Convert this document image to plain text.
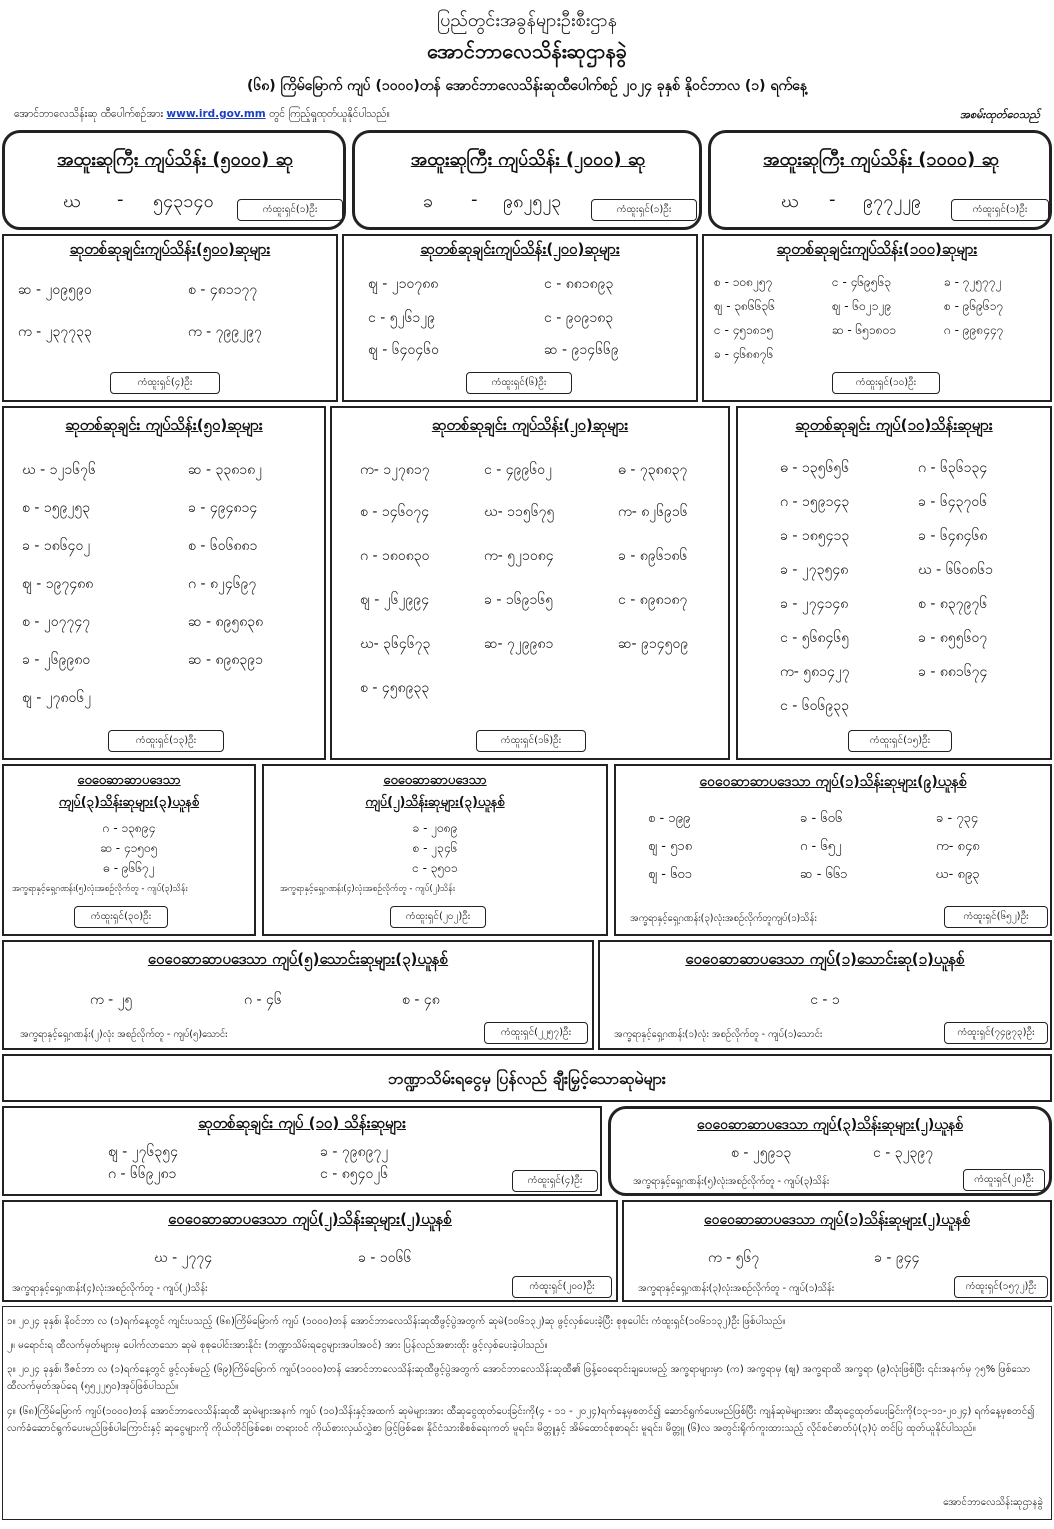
ပြည်တွင်းအခွန်များဦးစီးဌာန
အောင်ဘာလေသိန်းဆုဌာနခွဲ
(၆၈) ကြိမ်မြောက် ကျပ် (၁၀၀၀)တန် အောင်ဘာလေသိန်းဆုထီပေါက်စဉ် ၂၀၂၄ ခုနှစ် နိုဝင်ဘာလ (၁) ရက်နေ့
အောင်ဘာလေသိန်းဆု ထီပေါက်စဉ်အား www.ird.gov.mm တွင် ကြည့်ရှုထုတ်ယူနိုင်ပါသည်။	အစမ်းထုတ်ဝေသည်
အထူးဆုကြီး ကျပ်သိန်း (၅၀၀၀) ဆု
ဃ - ၅၄၃၁၄၀	ကံထူးရှင်(၁)ဦး
အထူးဆုကြီး ကျပ်သိန်း (၂၀၀၀) ဆု
ခ - ၉၈၂၅၂၃	ကံထူးရှင်(၁)ဦး
အထူးဆုကြီး ကျပ်သိန်း (၁၀၀၀) ဆု
ဃ - ၉၇၇၂၂၉	ကံထူးရှင်(၁)ဦး
ဆုတစ်ဆုချင်းကျပ်သိန်း(၅၀၀)ဆုများ
ဆ - ၂၀၉၅၉၀	စ - ၄၈၁၁၇၇
က - ၂၃၇၇၃၃	က - ၇၉၉၂၉၇
ကံထူးရှင်(၄)ဦး
ဆုတစ်ဆုချင်းကျပ်သိန်း(၂၀၀)ဆုများ
ဈ - ၂၁၀၇၈၈	င - ၈၈၁၈၉၃
င - ၅၂၆၁၂၉	င - ၉၀၉၁၈၃
ဈ - ၆၄၀၄၆၀	ဆ - ၉၁၄၆၆၉
ကံထူးရှင်(၆)ဦး
ဆုတစ်ဆုချင်းကျပ်သိန်း(၁၀၀)ဆုများ
စ - ၁၀၈၂၅၇	င - ၄၆၉၅၆၃	ခ - ၇၂၅၇၇၂
ဈ - ၃၈၆၆၃၆	ဈ - ၆၀၂၁၂၉	စ - ၉၆၉၆၁၇
င - ၄၅၁၈၁၅	ဆ - ၆၅၁၈၀၁	ဂ - ၉၉၈၄၄၇
ခ - ၄၆၈၈၇၆
ကံထူးရှင်(၁၀)ဦး
ဆုတစ်ဆုချင်း ကျပ်သိန်း(၅၀)ဆုများ
ဃ - ၁၂၁၆၇၆	ဆ - ၃၃၈၁၈၂
စ - ၁၅၉၂၅၃	ခ - ၄၉၄၈၁၄
ခ - ၁၈၆၄၀၂	စ - ၆၀၆၈၈၁
ဈ - ၁၉၇၄၈၈	ဂ - ၈၂၄၆၉၇
စ - ၂၀၇၇၄၇	ဆ - ၈၉၅၈၃၈
ခ - ၂၆၉၉၈၀	ဆ - ၈၉၈၃၉၁
ဈ - ၂၇၈၀၆၂
ကံထူးရှင်(၁၃)ဦး
ဆုတစ်ဆုချင်း ကျပ်သိန်း(၂၀)ဆုများ
က- ၁၂၇၈၁၇	င - ၄၉၉၆၀၂	ဓ - ၇၃၈၈၃၇
စ - ၁၄၆၀၇၄	ဃ- ၁၁၅၆၇၅	က- ၈၂၆၉၁၆
ဂ - ၁၈၀၈၃၀	က- ၅၂၁၀၈၄	ခ - ၈၉၆၁၈၆
ဈ - ၂၆၂၉၉၄	ခ - ၁၆၉၁၆၅	င - ၈၉၈၁၈၇
ဃ- ၃၆၄၆၇၃	ဆ- ၇၂၉၉၈၁	ဆ- ၉၁၄၅၀၉
စ - ၄၅၈၉၃၃
ကံထူးရှင်(၁၆)ဦး
ဆုတစ်ဆုချင်း ကျပ်(၁၀)သိန်းဆုများ
ဓ - ၁၃၅၆၅၆	ဂ - ၆၃၆၁၃၄
ဂ - ၁၅၉၁၄၃	ခ - ၆၄၃၇၀၆
ခ - ၁၈၅၄၁၃	ခ - ၆၄၈၄၆၈
ခ - ၂၇၃၅၄၈	ဃ - ၆၆၀၈၆၁
ခ - ၂၇၄၁၄၈	စ - ၈၃၇၉၇၆
င - ၅၆၈၄၆၅	ခ - ၈၅၅၆၀၇
က- ၅၈၁၄၂၇	ခ - ၈၈၁၆၇၄
င - ၆၀၆၉၃၃
ကံထူးရှင်(၁၅)ဦး
ဝေဝေဆာဆာပဒေသာ
ကျပ်(၃)သိန်းဆုများ(၃)ယူနစ်
ဂ - ၁၃၈၉၄
ဆ - ၄၁၅၀၅
ဓ - ၉၆၆၇၂
အက္ခရာနှင့်ရှေ့ဂဏန်း(၅)လုံးအစဉ်လိုက်တူ - ကျပ်(၃)သိန်း
ကံထူးရှင်(၃၀)ဦး
ဝေဝေဆာဆာပဒေသာ
ကျပ်(၂)သိန်းဆုများ(၃)ယူနစ်
ခ - ၂၀၈၉
စ - ၂၃၄၆
င - ၃၅၀၁
အက္ခရာနှင့်ရှေ့ဂဏန်း(၄)လုံးအစဉ်လိုက်တူ - ကျပ်(၂)သိန်း
ကံထူးရှင်(၂၀၂)ဦး
ဝေဝေဆာဆာပဒေသာ ကျပ်(၁)သိန်းဆုများ(၉)ယူနစ်
စ - ၁၉၉	ခ - ၆၀၆	ခ - ၇၃၄
ဈ - ၅၁၈	ဂ - ၆၅၂	က- ၈၄၈
ဈ - ၆၀၁	ဆ - ၆၆၁	ဃ- ၈၉၃
အက္ခရာနှင့်ရှေ့ဂဏန်း(၃)လုံးအစဉ်လိုက်တူကျပ်(၁)သိန်း	ကံထူးရှင်(၆၅၂)ဦး
ဝေဝေဆာဆာပဒေသာ ကျပ်(၅)သောင်းဆုများ(၃)ယူနစ်
က - ၂၅	ဂ - ၄၆	စ - ၄၈
အက္ခရာနှင့်ရှေ့ဂဏန်း(၂)လုံး အစဉ်လိုက်တူ - ကျပ်(၅)သောင်း	ကံထူးရှင်(၂၂၅၇)ဦး
ဝေဝေဆာဆာပဒေသာ ကျပ်(၁)သောင်းဆု(၁)ယူနစ်
င - ၁
အက္ခရာနှင့်ရှေ့ဂဏန်း(၁)လုံး အစဉ်လိုက်တူ - ကျပ်(၁)သောင်း	ကံထူးရှင်(၇၄၉၇၃)ဦး
ဘဏ္ဍာသိမ်းရငွေမှ ပြန်လည် ချီးမြှင့်သောဆုမဲများ
ဆုတစ်ဆုချင်း ကျပ် (၁၀) သိန်းဆုများ
ဈ - ၂၇၆၃၅၄	ခ - ၇၉၈၉၇၂
ဂ - ၆၆၉၂၈၁	င - ၈၅၄၀၂၆	ကံထူးရှင်(၄)ဦး
ဝေဝေဆာဆာပဒေသာ ကျပ်(၃)သိန်းဆုများ(၂)ယူနစ်
စ - ၂၅၉၁၃	င - ၃၂၃၉၇
အက္ခရာနှင့်ရှေ့ဂဏန်း(၅)လုံးအစဉ်လိုက်တူ - ကျပ်(၃)သိန်း	ကံထူးရှင်(၂၀)ဦး
ဝေဝေဆာဆာပဒေသာ ကျပ်(၂)သိန်းဆုများ(၂)ယူနစ်
ဃ - ၂၇၇၄	ခ - ၁၀၆၆
အက္ခရာနှင့်ရှေ့ဂဏန်း(၄)လုံးအစဉ်လိုက်တူ - ကျပ်(၂)သိန်း	ကံထူးရှင်(၂၀၀)ဦး
ဝေဝေဆာဆာပဒေသာ ကျပ်(၁)သိန်းဆုများ(၂)ယူနစ်
က - ၅၆၇	ခ - ၉၄၄
အက္ခရာနှင့်ရှေ့ဂဏန်း(၃)လုံးအစဉ်လိုက်တူ - ကျပ်(၁)သိန်း	ကံထူးရှင်(၁၅၇၂)ဦး
၁။ ၂၀၂၄ ခုနှစ်၊ နိုဝင်ဘာ လ (၁)ရက်နေ့တွင် ကျင်းပသည့် (၆၈)ကြိမ်မြောက် ကျပ် (၁၀၀၀)တန် အောင်ဘာလေသိန်းဆုထီဖွင့်ပွဲအတွက် ဆုမဲ(၁၀၆၁၃၂)ဆု ဖွင့်လှစ်ပေးခဲ့ပြီး စုစုပေါင်း ကံထူးရှင်(၁၀၆၁၁၃၂)ဦး ဖြစ်ပါသည်။
၂။ မရောင်းရ ထီလက်မှတ်များမှ ပေါက်လာသော ဆုမဲ စုစုပေါင်းအားနိုင်း (ဘဏ္ဍာသိမ်းရငွေများအပါအဝင်) အား ပြန်လည်အစားထိုး ဖွင့်လှစ်ပေးခဲ့ပါသည်။
၃။ ၂၀၂၄ ခုနှစ်၊ ဒီဇင်ဘာ လ (၁)ရက်နေ့တွင် ဖွင့်လှစ်မည့် (၆၉)ကြိမ်မြောက် ကျပ်(၁၀၀၀)တန် အောင်ဘာလေသိန်းဆုထီဖွင့်ပွဲအတွက် အောင်ဘာလေသိန်းဆုထီ၏ ဖြန့်ဝေရောင်းချပေးမည့် အက္ခရာများမှာ (က) အက္ခရာမှ (ဈ) အက္ခရာထိ အက္ခရာ (၉)လုံးဖြစ်ပြီး ၎င်းအနက်မှ ၇၅% ဖြစ်သော ထီလက်မှတ်အုပ်ရေ (၅၅၂၂၅၀)အုပ်ဖြစ်ပါသည်။
၄။ (၆၈)ကြိမ်မြောက် ကျပ်(၁၀၀၀)တန် အောင်ဘာလေသိန်းဆုထီ ဆုမဲများအနက် ကျပ် (၁၀)သိန်းနှင့်အထက် ဆုမဲများအား ထီဆုငွေထုတ်ပေးခြင်းကို(၄ - ၁၁ - ၂၀၂၄)ရက်နေ့မှစတင်၍ ဆောင်ရွက်ပေးမည်ဖြစ်ပြီး ကျန်ဆုမဲများအား ထီဆုငွေထုတ်ပေးခြင်းကို(၁၃-၁၁-၂၀၂၄) ရက်နေ့မှစတင်၍ လက်ခံဆောင်ရွက်ပေးမည်ဖြစ်ပါကြောင်းနှင့် ဆုငွေများကို ကိုယ်တိုင်ဖြစ်စေ၊ တရားဝင် ကိုယ်စားလှယ်လွှဲစာ ဖြင့်ဖြစ်စေ၊ နိုင်ငံသားစိစစ်ရေးကတ် မူရင်း၊ မိတ္တူနှင့် အိမ်ထောင်စုစာရင်း မူရင်း၊ မိတ္တူ (၆)လ အတွင်းရိုက်ကူးထားသည့် လိုင်စင်ဓာတ်ပုံ(၃)ပုံ တင်ပြ ထုတ်ယူနိုင်ပါသည်။
အောင်ဘာလေသိန်းဆုဌာနခွဲ
